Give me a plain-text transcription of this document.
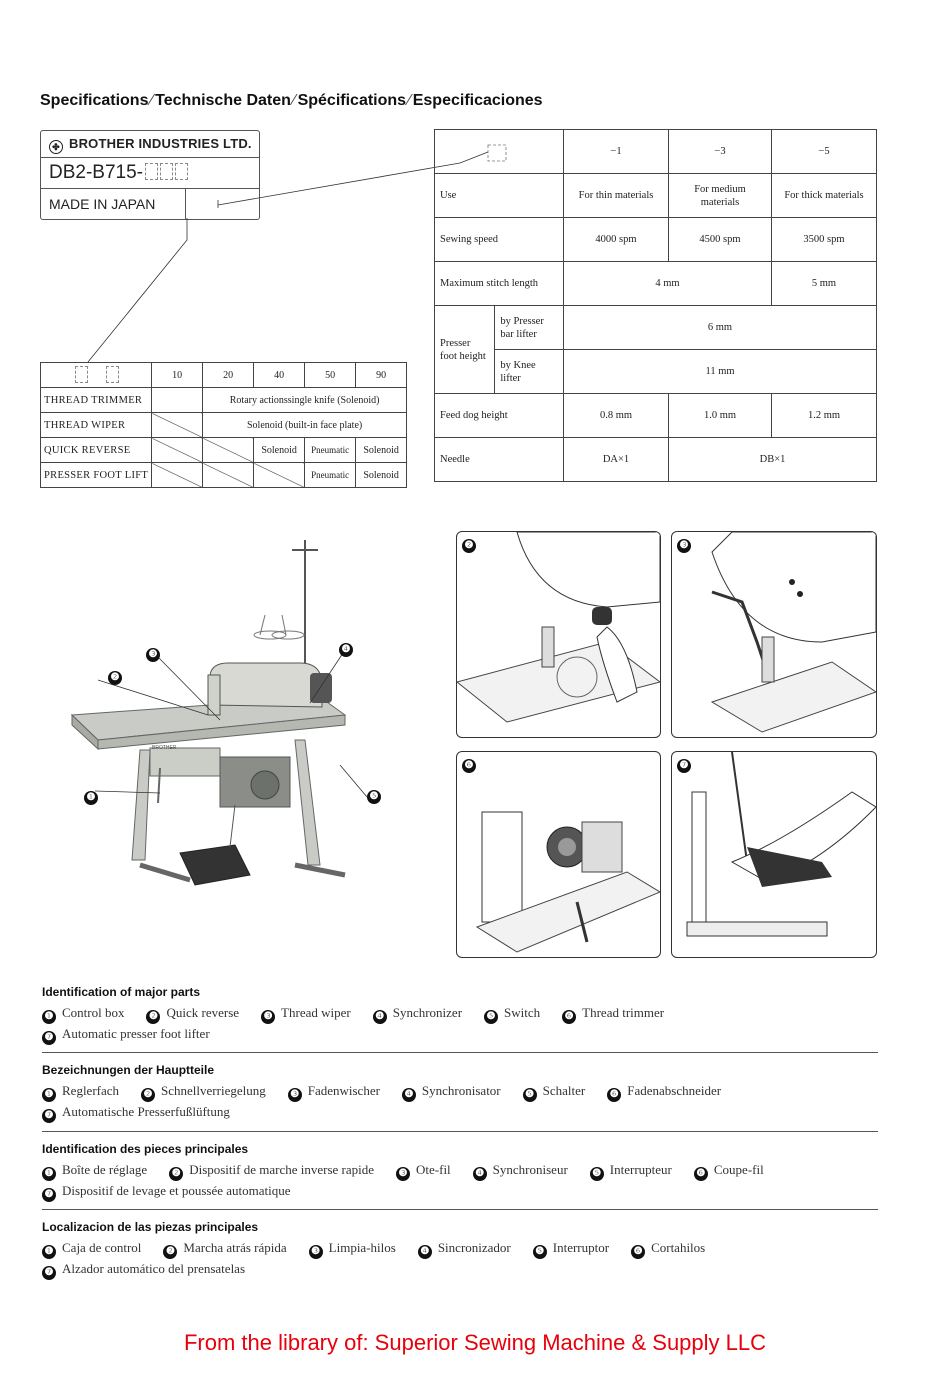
Specifications ⁄ Technische Daten ⁄ Spécifications ⁄ Especificaciones
✤ BROTHER INDUSTRIES LTD.
DB2-B715-
MADE IN JAPAN
	10	20	40	50	90
THREAD TRIMMER		Rotary actionssingle knife (Solenoid)			
THREAD WIPER		Solenoid (built-in face plate)			
QUICK REVERSE			Solenoid	Pneumatic	Solenoid
PRESSER FOOT LIFT				Pneumatic	Solenoid
		−1	−3	−5
Use		For thin materials	For medium materials	For thick materials
Sewing speed		4000 spm	4500 spm	3500 spm
Maximum stitch length		4 mm		5 mm
Presser foot height	by Presser bar lifter	6 mm		
	by Knee lifter	11 mm		
Feed dog height		0.8 mm	1.0 mm	1.2 mm
Needle		DA×1	DB×1	
BROTHER
❶
❷
❸	❹
❺
❷	❸
❻	❼
Identification of major parts
❶ Control box ❷ Quick reverse ❸ Thread wiper ❹ Synchronizer ❺ Switch ❻ Thread trimmer
❼ Automatic presser foot lifter
Bezeichnungen der Hauptteile
❶ Reglerfach ❷ Schnellverriegelung ❸ Fadenwischer ❹ Synchronisator ❺ Schalter ❻ Fadenabschneider
❼ Automatische Presserfußlüftung
Identification des pieces principales
❶ Boîte de réglage ❷ Dispositif de marche inverse rapide ❸ Ote-fil ❹ Synchroniseur ❺ Interrupteur ❻ Coupe-fil
❼ Dispositif de levage et poussée automatique
Localizacion de las piezas principales
❶ Caja de control ❷ Marcha atrás rápida ❸ Limpia-hilos ❹ Sincronizador ❺ Interruptor ❻ Cortahilos
❼ Alzador automático del prensatelas
From the library of: Superior Sewing Machine & Supply LLC
